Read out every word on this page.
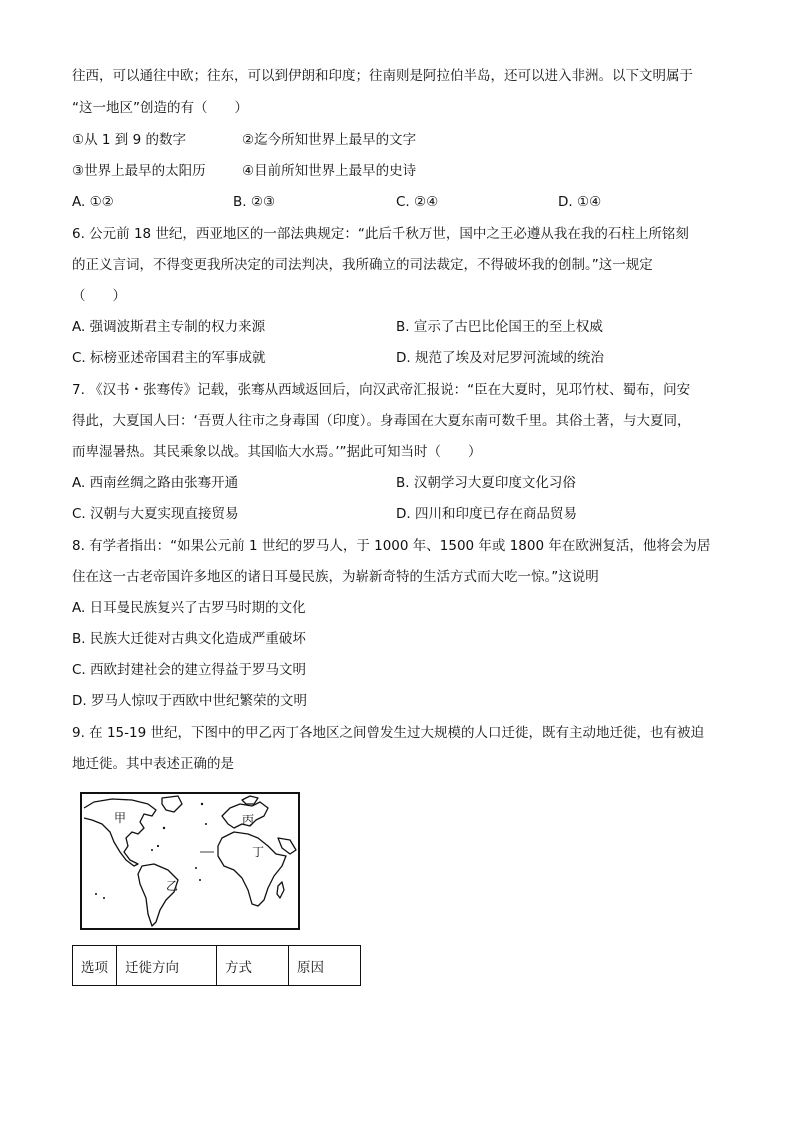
往西，可以通往中欧；往东，可以到伊朗和印度；往南则是阿拉伯半岛，还可以进入非洲。以下文明属于
“这一地区”创造的有（　　）
①从 1 到 9 的数字	②迄今所知世界上最早的文字
③世界上最早的太阳历	④目前所知世界上最早的史诗
A. ①②	B. ②③	C. ②④	D. ①④
6. 公元前 18 世纪，西亚地区的一部法典规定：“此后千秋万世，国中之王必遵从我在我的石柱上所铭刻
的正义言词，不得变更我所决定的司法判决，我所确立的司法裁定，不得破坏我的创制。”这一规定
（　　）
A. 强调波斯君主专制的权力来源	B. 宣示了古巴比伦国王的至上权威
C. 标榜亚述帝国君主的军事成就	D. 规范了埃及对尼罗河流域的统治
7. 《汉书・张骞传》记载，张骞从西域返回后，向汉武帝汇报说：“臣在大夏时，见邛竹杖、蜀布，问安
得此，大夏国人曰：‘吾贾人往市之身毒国（印度）。身毒国在大夏东南可数千里。其俗土著，与大夏同，
而卑湿暑热。其民乘象以战。其国临大水焉。’”据此可知当时（　　）
A. 西南丝绸之路由张骞开通	B. 汉朝学习大夏印度文化习俗
C. 汉朝与大夏实现直接贸易	D. 四川和印度已存在商品贸易
8. 有学者指出：“如果公元前 1 世纪的罗马人，于 1000 年、1500 年或 1800 年在欧洲复活，他将会为居
住在这一古老帝国许多地区的诸日耳曼民族，为崭新奇特的生活方式而大吃一惊。”这说明
A. 日耳曼民族复兴了古罗马时期的文化
B. 民族大迁徙对古典文化造成严重破坏
C. 西欧封建社会的建立得益于罗马文明
D. 罗马人惊叹于西欧中世纪繁荣的文明
9. 在 15-19 世纪，下图中的甲乙丙丁各地区之间曾发生过大规模的人口迁徙，既有主动地迁徙，也有被迫
地迁徙。其中表述正确的是
甲
乙
丙
丁
选项	迁徙方向	方式	原因
